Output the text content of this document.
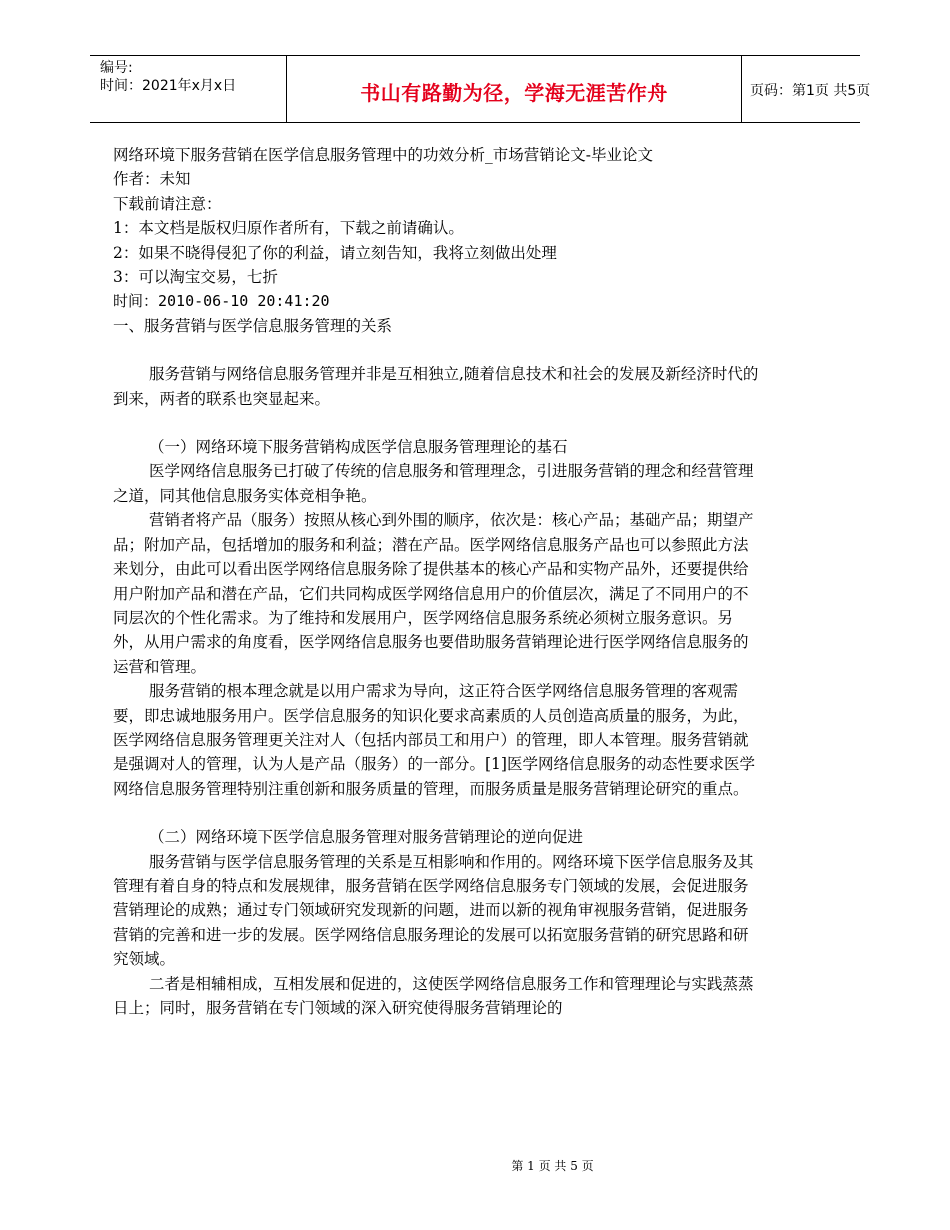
编号:
时间：2021年x月x日	书山有路勤为径，学海无涯苦作舟	页码：第1页 共5页

网络环境下服务营销在医学信息服务管理中的功效分析_市场营销论文-毕业论文

作者：未知

下载前请注意：

1：本文档是版权归原作者所有，下载之前请确认。

2：如果不晓得侵犯了你的利益，请立刻告知，我将立刻做出处理

3：可以淘宝交易，七折

时间：2010-06-10 20:41:20

一、服务营销与医学信息服务管理的关系

服务营销与网络信息服务管理并非是互相独立,随着信息技术和社会的发展及新经济时代的到来，两者的联系也突显起来。

（一）网络环境下服务营销构成医学信息服务管理理论的基石

医学网络信息服务已打破了传统的信息服务和管理理念，引进服务营销的理念和经营管理之道，同其他信息服务实体竞相争艳。

营销者将产品（服务）按照从核心到外围的顺序，依次是：核心产品；基础产品；期望产品；附加产品，包括增加的服务和利益；潜在产品。医学网络信息服务产品也可以参照此方法来划分，由此可以看出医学网络信息服务除了提供基本的核心产品和实物产品外，还要提供给用户附加产品和潜在产品，它们共同构成医学网络信息用户的价值层次，满足了不同用户的不同层次的个性化需求。为了维持和发展用户，医学网络信息服务系统必须树立服务意识。另外，从用户需求的角度看，医学网络信息服务也要借助服务营销理论进行医学网络信息服务的运营和管理。

服务营销的根本理念就是以用户需求为导向，这正符合医学网络信息服务管理的客观需要，即忠诚地服务用户。医学信息服务的知识化要求高素质的人员创造高质量的服务，为此，医学网络信息服务管理更关注对人（包括内部员工和用户）的管理，即人本管理。服务营销就是强调对人的管理，认为人是产品（服务）的一部分。[1]医学网络信息服务的动态性要求医学网络信息服务管理特别注重创新和服务质量的管理，而服务质量是服务营销理论研究的重点。

（二）网络环境下医学信息服务管理对服务营销理论的逆向促进

服务营销与医学信息服务管理的关系是互相影响和作用的。网络环境下医学信息服务及其管理有着自身的特点和发展规律，服务营销在医学网络信息服务专门领域的发展，会促进服务营销理论的成熟；通过专门领域研究发现新的问题，进而以新的视角审视服务营销，促进服务营销的完善和进一步的发展。医学网络信息服务理论的发展可以拓宽服务营销的研究思路和研究领域。

二者是相辅相成，互相发展和促进的，这使医学网络信息服务工作和管理理论与实践蒸蒸日上；同时，服务营销在专门领域的深入研究使得服务营销理论的

第 1 页 共 5 页
